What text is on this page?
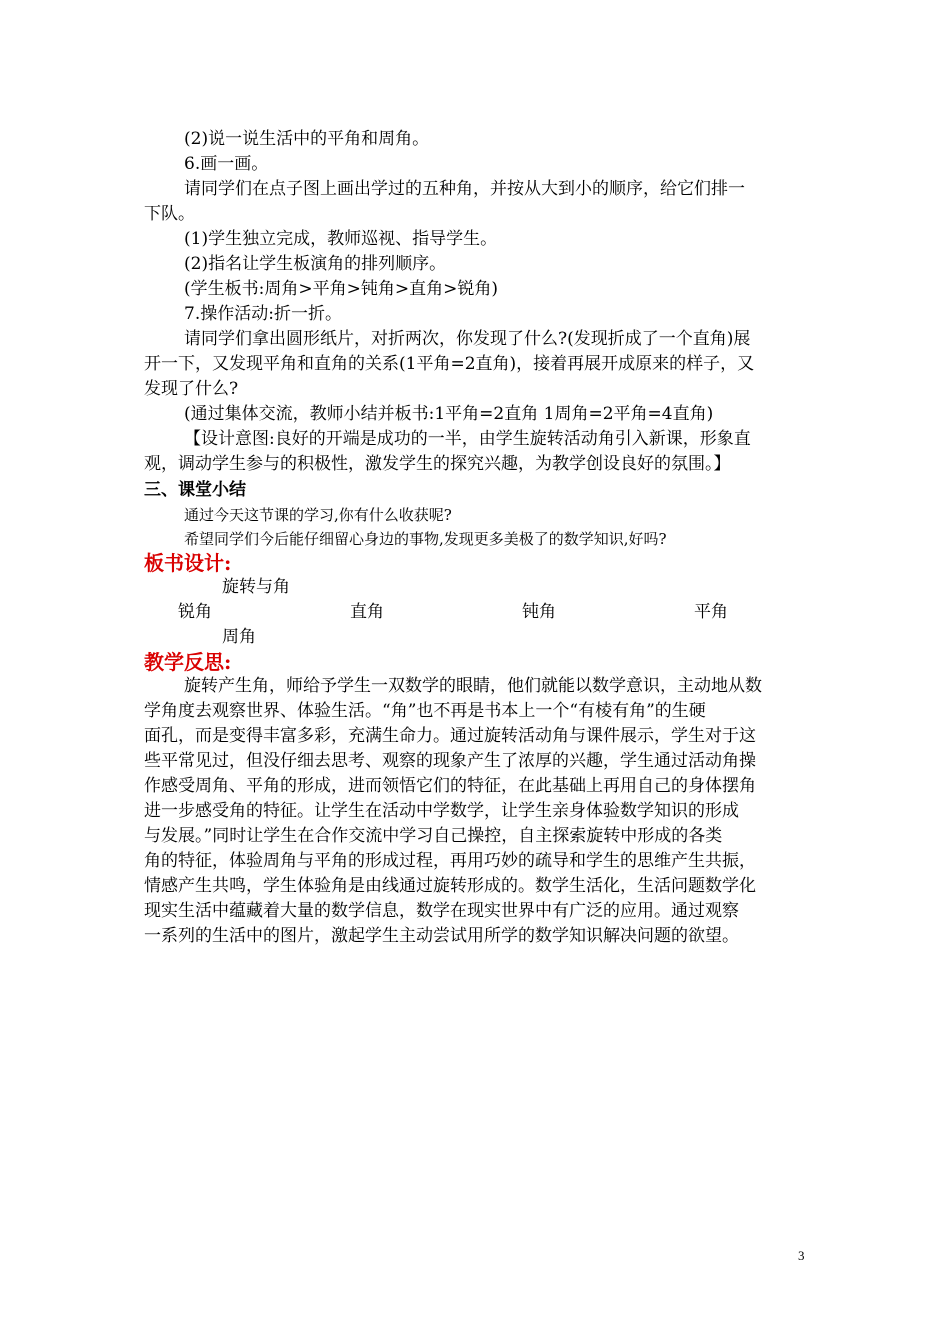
(2)说一说生活中的平角和周角。
6.画一画。
请同学们在点子图上画出学过的五种角，并按从大到小的顺序，给它们排一
下队。
(1)学生独立完成，教师巡视、指导学生。
(2)指名让学生板演角的排列顺序。
(学生板书:周角>平角>钝角>直角>锐角)
7.操作活动:折一折。
请同学们拿出圆形纸片，对折两次，你发现了什么?(发现折成了一个直角)展
开一下，又发现平角和直角的关系(1平角=2直角)，接着再展开成原来的样子，又
发现了什么?
(通过集体交流，教师小结并板书:1平角=2直角 1周角=2平角=4直角)
【设计意图:良好的开端是成功的一半，由学生旋转活动角引入新课，形象直
观，调动学生参与的积极性，激发学生的探究兴趣，为教学创设良好的氛围。】
三、课堂小结
通过今天这节课的学习,你有什么收获呢?
希望同学们今后能仔细留心身边的事物,发现更多美极了的数学知识,好吗?
板书设计:
旋转与角
锐角	直角	钝角	平角
周角
教学反思:
旋转产生角，师给予学生一双数学的眼睛，他们就能以数学意识，主动地从数
学角度去观察世界、体验生活。“角”也不再是书本上一个“有棱有角”的生硬
面孔，而是变得丰富多彩，充满生命力。通过旋转活动角与课件展示，学生对于这
些平常见过，但没仔细去思考、观察的现象产生了浓厚的兴趣，学生通过活动角操
作感受周角、平角的形成，进而领悟它们的特征，在此基础上再用自己的身体摆角
进一步感受角的特征。让学生在活动中学数学，让学生亲身体验数学知识的形成
与发展。”同时让学生在合作交流中学习自己操控，自主探索旋转中形成的各类
角的特征，体验周角与平角的形成过程，再用巧妙的疏导和学生的思维产生共振，
情感产生共鸣，学生体验角是由线通过旋转形成的。数学生活化，生活问题数学化
现实生活中蕴藏着大量的数学信息，数学在现实世界中有广泛的应用。通过观察
一系列的生活中的图片，激起学生主动尝试用所学的数学知识解决问题的欲望。
3
